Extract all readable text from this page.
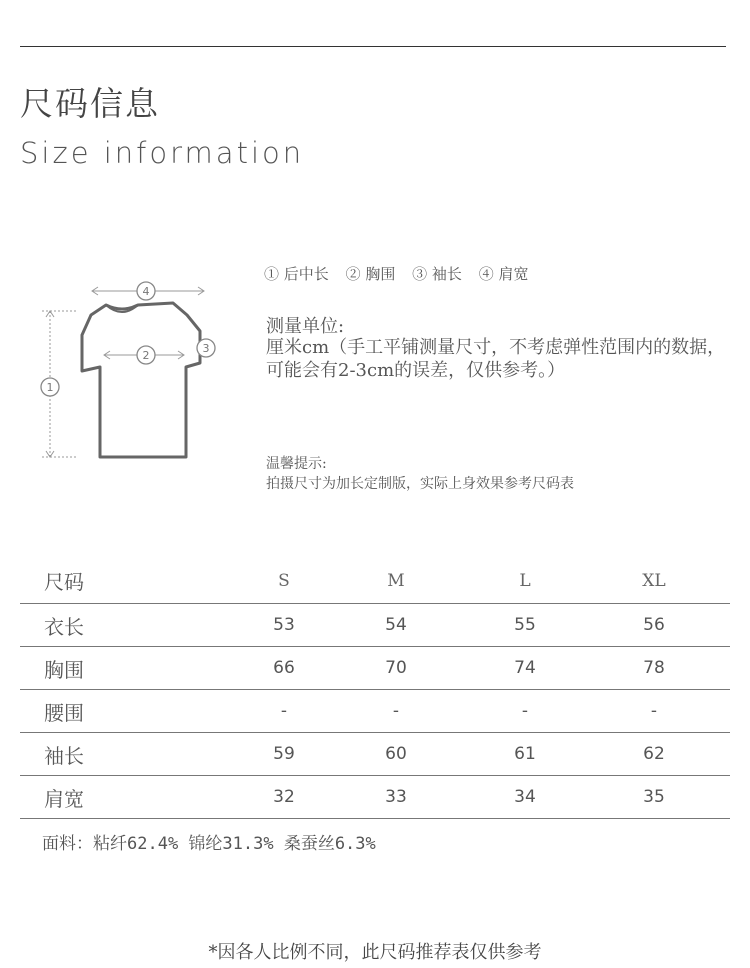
尺码信息
Size information
1
2
3
4
① 后中长 ② 胸围 ③ 袖长 ④ 肩宽
测量单位:
厘米cm（手工平铺测量尺寸，不考虑弹性范围内的数据，可能会有2-3cm的误差，仅供参考。）
温馨提示:
拍摄尺寸为加长定制版，实际上身效果参考尺码表
尺码	S	M	L	XL
衣长	53	54	55	56
胸围	66	70	74	78
腰围	-	-	-	-
袖长	59	60	61	62
肩宽	32	33	34	35
面料：粘纤62.4% 锦纶31.3% 桑蚕丝6.3%
*因各人比例不同，此尺码推荐表仅供参考
